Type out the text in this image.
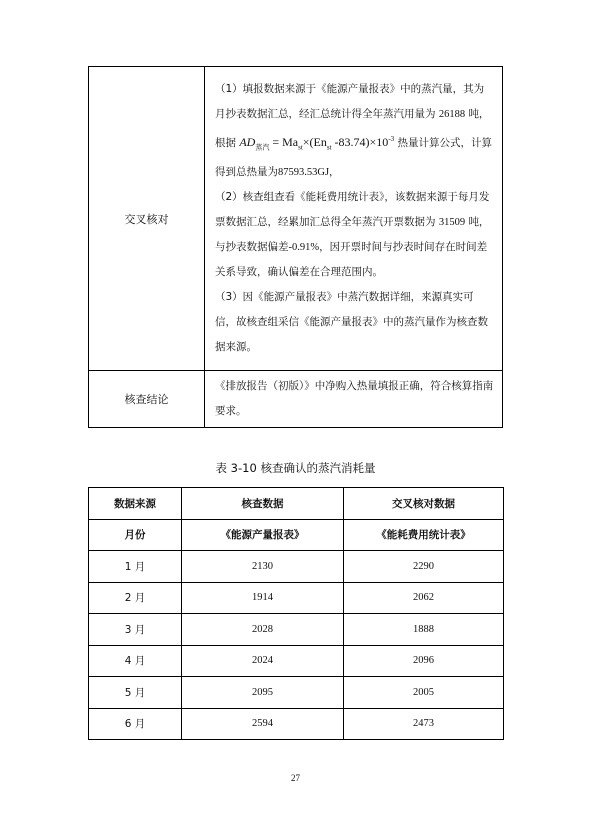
交叉核对	（1）填报数据来源于《能源产量报表》中的蒸汽量，其为月抄表数据汇总，经汇总统计得全年蒸汽用量为 26188 吨，根据 $AD_{蒸汽} = Ma_{st}\times(En_{st}$ $-83.74)\times 10^{-3}$ 热量计算公式，计算得到总热量为87593.53GJ，

（2）核查组查看《能耗费用统计表》，该数据来源于每月发票数据汇总，经累加汇总得全年蒸汽开票数据为 31509 吨，与抄表数据偏差-0.91%，因开票时间与抄表时间存在时间差关系导致，确认偏差在合理范围内。

（3）因《能源产量报表》中蒸汽数据详细，来源真实可信，故核查组采信《能源产量报表》中的蒸汽量作为核查数据来源。

核查结论	《排放报告（初版）》中净购入热量填报正确，符合核算指南要求。
表 3-10 核查确认的蒸汽消耗量
数据来源	核查数据	交叉核对数据
月份	《能源产量报表》	《能耗费用统计表》
1 月	2130	2290
2 月	1914	2062
3 月	2028	1888
4 月	2024	2096
5 月	2095	2005
6 月	2594	2473
27
